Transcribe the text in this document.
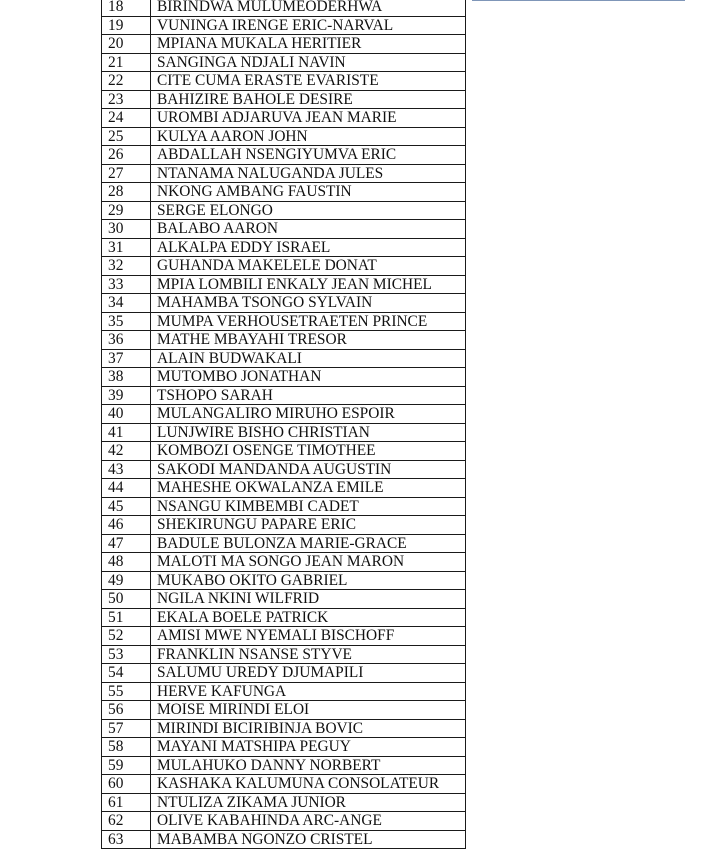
18	BIRINDWA MULUMEODERHWA
19	VUNINGA IRENGE ERIC-NARVAL
20	MPIANA MUKALA HERITIER
21	SANGINGA NDJALI NAVIN
22	CITE CUMA ERASTE EVARISTE
23	BAHIZIRE BAHOLE DESIRE
24	UROMBI ADJARUVA JEAN MARIE
25	KULYA AARON JOHN
26	ABDALLAH NSENGIYUMVA ERIC
27	NTANAMA NALUGANDA JULES
28	NKONG AMBANG FAUSTIN
29	SERGE ELONGO
30	BALABO AARON
31	ALKALPA EDDY ISRAEL
32	GUHANDA MAKELELE DONAT
33	MPIA LOMBILI ENKALY JEAN MICHEL
34	MAHAMBA TSONGO SYLVAIN
35	MUMPA VERHOUSETRAETEN PRINCE
36	MATHE MBAYAHI TRESOR
37	ALAIN BUDWAKALI
38	MUTOMBO JONATHAN
39	TSHOPO SARAH
40	MULANGALIRO MIRUHO ESPOIR
41	LUNJWIRE BISHO CHRISTIAN
42	KOMBOZI OSENGE TIMOTHEE
43	SAKODI MANDANDA AUGUSTIN
44	MAHESHE OKWALANZA EMILE
45	NSANGU KIMBEMBI CADET
46	SHEKIRUNGU PAPARE ERIC
47	BADULE BULONZA MARIE-GRACE
48	MALOTI MA SONGO JEAN MARON
49	MUKABO OKITO GABRIEL
50	NGILA NKINI WILFRID
51	EKALA BOELE PATRICK
52	AMISI MWE NYEMALI BISCHOFF
53	FRANKLIN NSANSE STYVE
54	SALUMU UREDY DJUMAPILI
55	HERVE KAFUNGA
56	MOISE MIRINDI ELOI
57	MIRINDI BICIRIBINJA BOVIC
58	MAYANI MATSHIPA PEGUY
59	MULAHUKO DANNY NORBERT
60	KASHAKA KALUMUNA CONSOLATEUR
61	NTULIZA ZIKAMA JUNIOR
62	OLIVE KABAHINDA ARC-ANGE
63	MABAMBA NGONZO CRISTEL
